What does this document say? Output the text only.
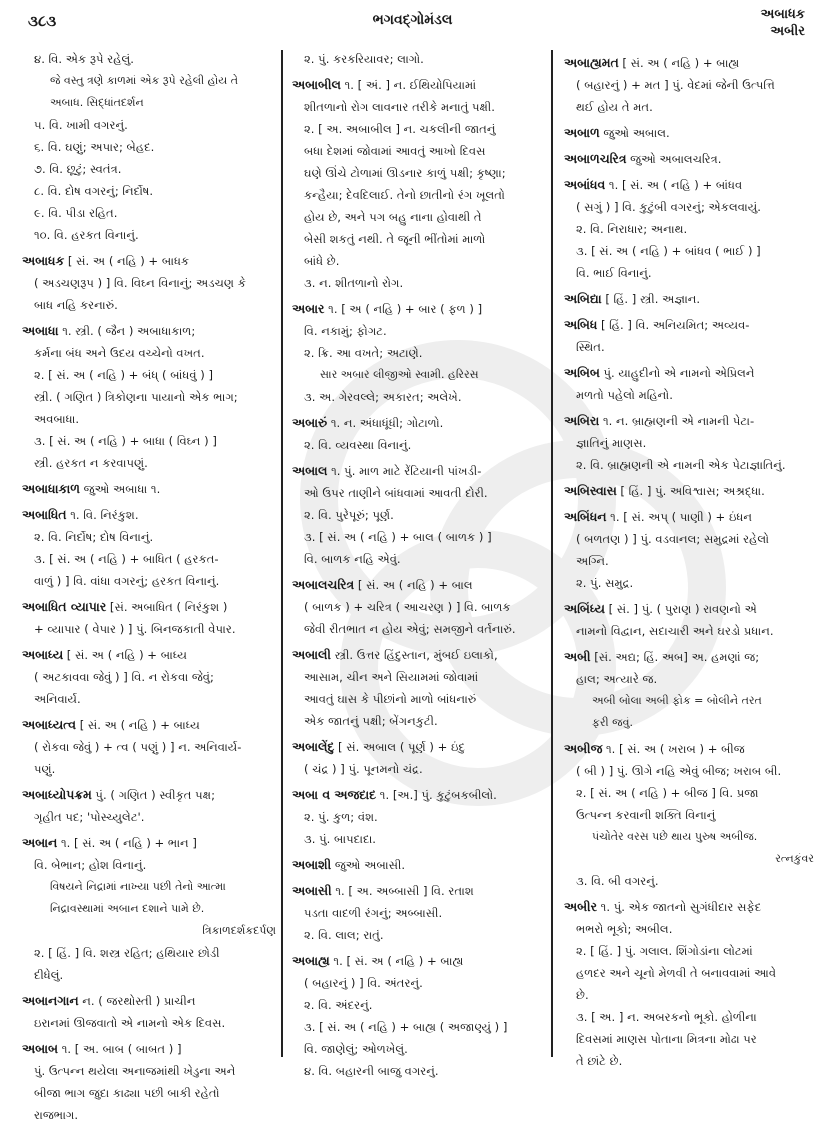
૩૮૩	ભગવદ્ગોમંડલ	અબાધક
અબીર
૪. વિ. એક રૂપે રહેલું.
જે વસ્તુ ત્રણે કાળમાં એક રૂપે રહેલી હોય તે
અબાધ. સિદ્ધાંતદર્શન
૫. વિ. ખામી વગરનું.
૬. વિ. ઘણું; અપાર; બેહદ.
૭. વિ. છૂટું; સ્વતંત્ર.
૮. વિ. દોષ વગરનું; નિર્દોષ.
૯. વિ. પીડા રહિત.
૧૦. વિ. હરકત વિનાનું.
અબાધક [ સં. અ ( નહિ ) + બાધક
( અડચણરૂપ ) ] વિ. વિઘ્ન વિનાનું; અડચણ કે
બાધ નહિ કરનારું.
અબાધા ૧. સ્ત્રી. ( જૈન ) અબાધાકાળ;
કર્મના બંધ અને ઉદય વચ્ચેનો વખત.
૨. [ સં. અ ( નહિ ) + બંધ્ ( બાંધવું ) ]
સ્ત્રી. ( ગણિત ) ત્રિકોણના પાયાનો એક ભાગ;
અવબાધા.
૩. [ સં. અ ( નહિ ) + બાધા ( વિઘ્ન ) ]
સ્ત્રી. હરકત ન કરવાપણું.
અબાધાકાળ જુઓ અબાધા ૧.
અબાધિત ૧. વિ. નિરંકુશ.
૨. વિ. નિર્દોષ; દોષ વિનાનું.
૩. [ સં. અ ( નહિ ) + બાધિત ( હરકત-
વાળું ) ] વિ. વાંધા વગરનું; હરકત વિનાનું.
અબાધિત વ્યાપાર [સં. અબાધિત ( નિરંકુશ )
+ વ્યાપાર ( વેપાર ) ] પું. બિનજકાતી વેપાર.
અબાધ્ય [ સં. અ ( નહિ ) + બાધ્ય
( અટકાવવા જેવું ) ] વિ. ન રોકવા જેવું;
અનિવાર્ય.
અબાધ્યત્વ [ સં. અ ( નહિ ) + બાધ્ય
( રોકવા જેવું ) + ત્વ ( પણું ) ] ન. અનિવાર્ય-
પણું.
અબાધ્યોપક્રમ પું. ( ગણિત ) સ્વીકૃત પક્ષ;
ગૃહીત પદ; 'પોસ્ચ્યુલેટ'.
અબાન ૧. [ સં. અ ( નહિ ) + ભાન ]
વિ. બેભાન; હોશ વિનાનું.
વિષયને નિદ્રામાં નાખ્યા પછી તેનો આત્મા
નિદ્રાવસ્થામાં અબાન દશાને પામે છે.
ત્રિકાળદર્શકદર્પણ
૨. [ હિં. ] વિ. શસ્ત્ર રહિત; હથિયાર છોડી
દીધેલું.
અબાનગાન ન. ( જરથોસ્તી ) પ્રાચીન
ઇરાનમાં ઊજવાતો એ નામનો એક દિવસ.
અબાબ ૧. [ અ. બાબ ( બાબત ) ]
પું. ઉત્પન્ન થયેલા અનાજમાંથી ખેડુના અને
બીજા ભાગ જુદા કાઢ્યા પછી બાકી રહેતો
રાજભાગ.
૨. પું. કરકરિયાવર; લાગો.
અબાબીલ ૧. [ અં. ] ન. ઈથિયોપિયામાં
શીતળાનો રોગ લાવનાર તરીકે મનાતું પક્ષી.
૨. [ અ. અબાબીલ ] ન. ચકલીની જાતનું
બધા દેશમાં જોવામાં આવતું આખો દિવસ
ઘણે ઊંચે ટોળામાં ઊડનાર કાળું પક્ષી; કૃષ્ણા;
કન્હૈયા; દેવદિલાઈ. તેનો છાતીનો રંગ ખૂલતો
હોય છે, અને પગ બહુ નાના હોવાથી તે
બેસી શકતું નથી. તે જૂની ભીંતોમાં માળો
બાંધે છે.
૩. ન. શીતળાનો રોગ.
અબાર ૧. [ અ ( નહિ ) + બાર ( ફળ ) ]
વિ. નકામું; ફોગટ.
૨. ક્રિ. આ વખતે; અટાણે.
સાર અબાર લીજીઓ સ્વામી. હરિરસ
૩. અ. ગેરવલ્લે; અકારત; અલેખે.
અબારું ૧. ન. અંધાધૂંધી; ગોટાળો.
૨. વિ. વ્યવસ્થા વિનાનું.
અબાલ ૧. પું. માળ માટે રેંટિયાની પાંખડી-
ઓ ઉપર તાણીને બાંધવામાં આવતી દોરી.
૨. વિ. પુરેપૂરું; પૂર્ણ.
૩. [ સં. અ ( નહિ ) + બાલ ( બાળક ) ]
વિ. બાળક નહિ એવું.
અબાલચરિત્ર [ સં. અ ( નહિ ) + બાલ
( બાળક ) + ચરિત્ર ( આચરણ ) ] વિ. બાળક
જેવી રીતભાત ન હોય એવું; સમજીને વર્તનારું.
અબાલી સ્ત્રી. ઉત્તર હિંદુસ્તાન, મુંબઈ ઇલાકો,
આસામ, ચીન અને સિયામમાં જોવામાં
આવતું ઘાસ કે પીછાંનો માળો બાંધનારું
એક જાતનું પક્ષી; બેંગનકુટી.
અબાલેંદુ [ સં. અબાલ ( પૂર્ણ ) + ઇંદુ
( ચંદ્ર ) ] પું. પૂનમનો ચંદ્ર.
અબા વ અજદાદ ૧. [અ.] પું. કુટુંબકબીલો.
૨. પું. કુળ; વંશ.
૩. પું. બાપદાદા.
અબાશી જુઓ અબાસી.
અબાસી ૧. [ અ. અબ્બાસી ] વિ. રતાશ
પડતા વાદળી રંગનું; અબ્બાસી.
૨. વિ. લાલ; રાતું.
અબાહ્ય ૧. [ સં. અ ( નહિ ) + બાહ્ય
( બહારનું ) ] વિ. અંતરનું.
૨. વિ. અંદરનું.
૩. [ સં. અ ( નહિ ) + બાહ્ય ( અજાણ્યું ) ]
વિ. જાણેલું; ઓળખેલું.
૪. વિ. બહારની બાજુ વગરનું.
અબાહ્યમત [ સં. અ ( નહિ ) + બાહ્ય
( બહારનું ) + મત ] પું. વેદમાં જેની ઉત્પત્તિ
થઈ હોય તે મત.
અબાળ જુઓ અબાલ.
અબાળચરિત્ર જુઓ અબાલચરિત્ર.
અબાંધવ ૧. [ સં. અ ( નહિ ) + બાંધવ
( સગું ) ] વિ. કુટુંબી વગરનું; એકલવાયું.
૨. વિ. નિરાધાર; અનાથ.
૩. [ સં. અ ( નહિ ) + બાંધવ ( ભાઈ ) ]
વિ. ભાઈ વિનાનું.
અબિદ્યા [ હિં. ] સ્ત્રી. અજ્ઞાન.
અબિધ [ હિં. ] વિ. અનિયમિત; અવ્યવ-
સ્થિત.
અબિબ પું. યાહુદીનો એ નામનો એપ્રિલને
મળતો પહેલો મહિનો.
અબિરા ૧. ન. બ્રાહ્મણની એ નામની પેટા-
જ્ઞાતિનું માણસ.
૨. વિ. બ્રાહ્મણની એ નામની એક પેટાજ્ઞાતિનું.
અબિસ્વાસ [ હિં. ] પું. અવિશ્વાસ; અશ્રદ્ધા.
અબિંધન ૧. [ સં. અપ્ ( પાણી ) + ઇંધન
( બળતણ ) ] પું. વડવાનલ; સમુદ્રમાં રહેલો
અગ્નિ.
૨. પું. સમુદ્ર.
અબિંધ્ય [ સં. ] પું. ( પુરાણ ) રાવણનો એ
નામનો વિદ્વાન, સદાચારી અને ઘરડો પ્રધાન.
અબી [સં. અદ્ય; હિં. અબ] અ. હમણાં જ;
હાલ; અત્યારે જ.
અબી બોલા અબી ફોક = બોલીને તરત
ફરી જવું.
અબીજ ૧. [ સં. અ ( ખરાબ ) + બીજ
( બી ) ] પું. ઊગે નહિ એવું બીજ; ખરાબ બી.
૨. [ સં. અ ( નહિ ) + બીજ ] વિ. પ્રજા
ઉત્પન્ન કરવાની શક્તિ વિનાનું
પંચોતેર વરસ પછે થાય પુરુષ અબીજ.
રત્નકુંવર
૩. વિ. બી વગરનું.
અબીર ૧. પું. એક જાતનો સુગંધીદાર સફેદ
ભભરો ભૂકો; અબીલ.
૨. [ હિં. ] પું. ગલાલ. શિંગોડાંના લોટમાં
હળદર અને ચૂનો મેળવી તે બનાવવામાં આવે
છે.
૩. [ અ. ] ન. અબરકનો ભૂકો. હોળીના
દિવસમાં માણસ પોતાના મિત્રના મોઢા પર
તે છાંટે છે.
